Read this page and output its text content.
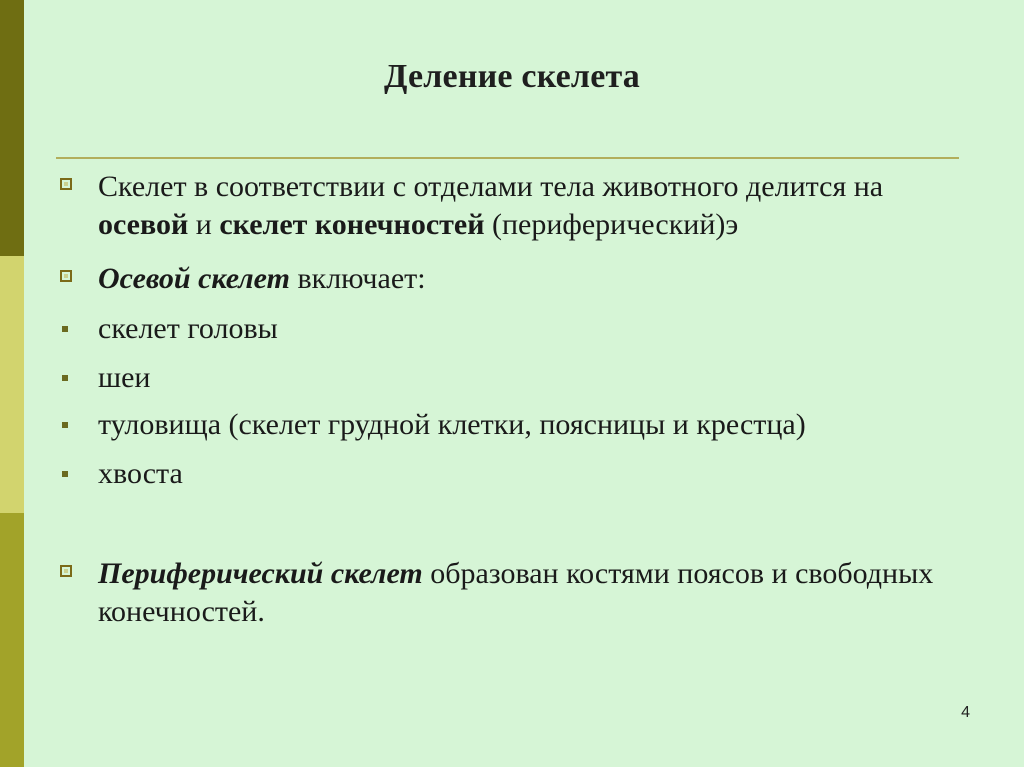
Деление скелета
Скелет в соответствии с отделами тела животного делится на осевой и скелет конечностей (периферический)э
Осевой скелет включает:
скелет головы
шеи
туловища (скелет грудной клетки, поясницы и крестца)
хвоста
Периферический скелет образован костями поясов и свободных конечностей.
4
